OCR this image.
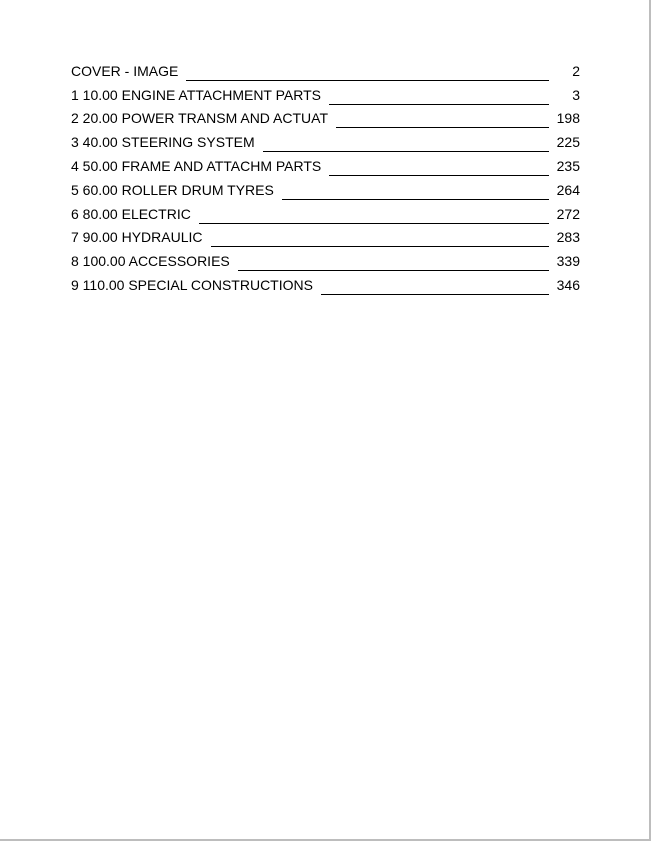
COVER - IMAGE	2
1 10.00 ENGINE ATTACHMENT PARTS	3
2 20.00 POWER TRANSM AND ACTUAT	198
3 40.00 STEERING SYSTEM	225
4 50.00 FRAME AND ATTACHM PARTS	235
5 60.00 ROLLER DRUM TYRES	264
6 80.00 ELECTRIC	272
7 90.00 HYDRAULIC	283
8 100.00 ACCESSORIES	339
9 110.00 SPECIAL CONSTRUCTIONS	346
